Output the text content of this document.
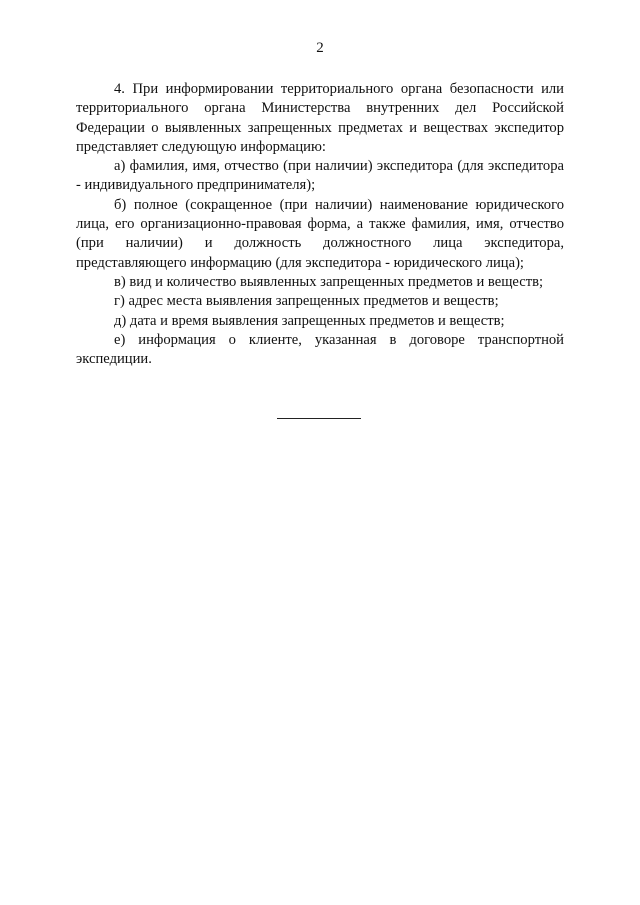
2

4. При информировании территориального органа безопасности или территориального органа Министерства внутренних дел Российской Федерации о выявленных запрещенных предметах и веществах экспедитор представляет следующую информацию:

а) фамилия, имя, отчество (при наличии) экспедитора (для экспедитора - индивидуального предпринимателя);

б) полное (сокращенное (при наличии) наименование юридического лица, его организационно-правовая форма, а также фамилия, имя, отчество (при наличии) и должность должностного лица экспедитора, представляющего информацию (для экспедитора - юридического лица);

в) вид и количество выявленных запрещенных предметов и веществ;

г) адрес места выявления запрещенных предметов и веществ;

д) дата и время выявления запрещенных предметов и веществ;

е) информация о клиенте, указанная в договоре транспортной экспедиции.
